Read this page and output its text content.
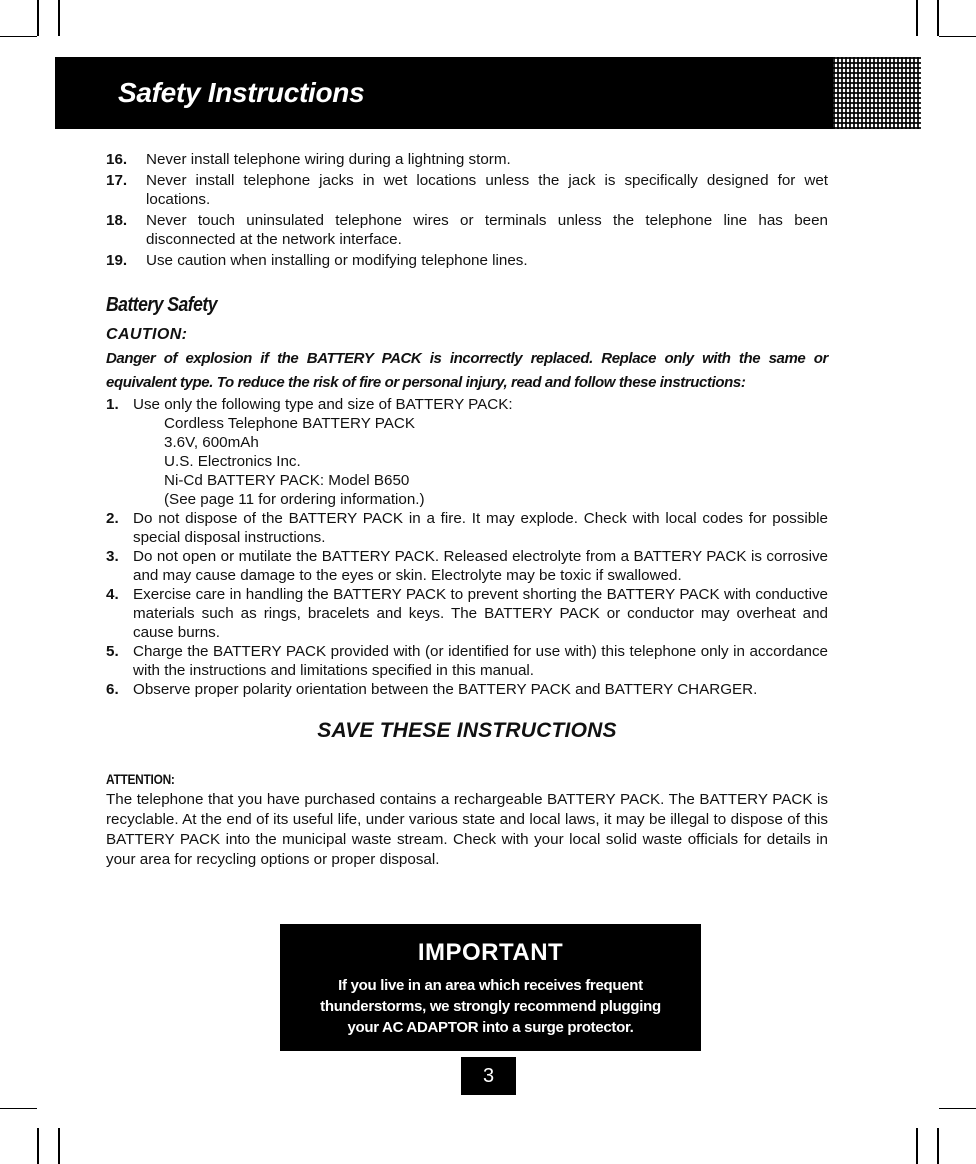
Safety Instructions
16. Never install telephone wiring during a lightning storm.
17. Never install telephone jacks in wet locations unless the jack is specifically designed for wet locations.
18. Never touch uninsulated telephone wires or terminals unless the telephone line has been disconnected at the network interface.
19. Use caution when installing or modifying telephone lines.
Battery Safety
CAUTION:
Danger of explosion if the BATTERY PACK is incorrectly replaced. Replace only with the same or equivalent type. To reduce the risk of fire or personal injury, read and follow these instructions:
1. Use only the following type and size of BATTERY PACK:
Cordless Telephone BATTERY PACK
3.6V, 600mAh
U.S. Electronics Inc.
Ni-Cd BATTERY PACK: Model B650
(See page 11 for ordering information.)
2. Do not dispose of the BATTERY PACK in a fire. It may explode. Check with local codes for possible special disposal instructions.
3. Do not open or mutilate the BATTERY PACK. Released electrolyte from a BATTERY PACK is corrosive and may cause damage to the eyes or skin. Electrolyte may be toxic if swallowed.
4. Exercise care in handling the BATTERY PACK to prevent shorting the BATTERY PACK with conductive materials such as rings, bracelets and keys. The BATTERY PACK or conductor may overheat and cause burns.
5. Charge the BATTERY PACK provided with (or identified for use with) this telephone only in accordance with the instructions and limitations specified in this manual.
6. Observe proper polarity orientation between the BATTERY PACK and BATTERY CHARGER.
SAVE THESE INSTRUCTIONS
ATTENTION:
The telephone that you have purchased contains a rechargeable BATTERY PACK. The BATTERY PACK is recyclable. At the end of its useful life, under various state and local laws, it may be illegal to dispose of this BATTERY PACK into the municipal waste stream. Check with your local solid waste officials for details in your area for recycling options or proper disposal.
IMPORTANT
If you live in an area which receives frequent
thunderstorms, we strongly recommend plugging
your AC ADAPTOR into a surge protector.
3
